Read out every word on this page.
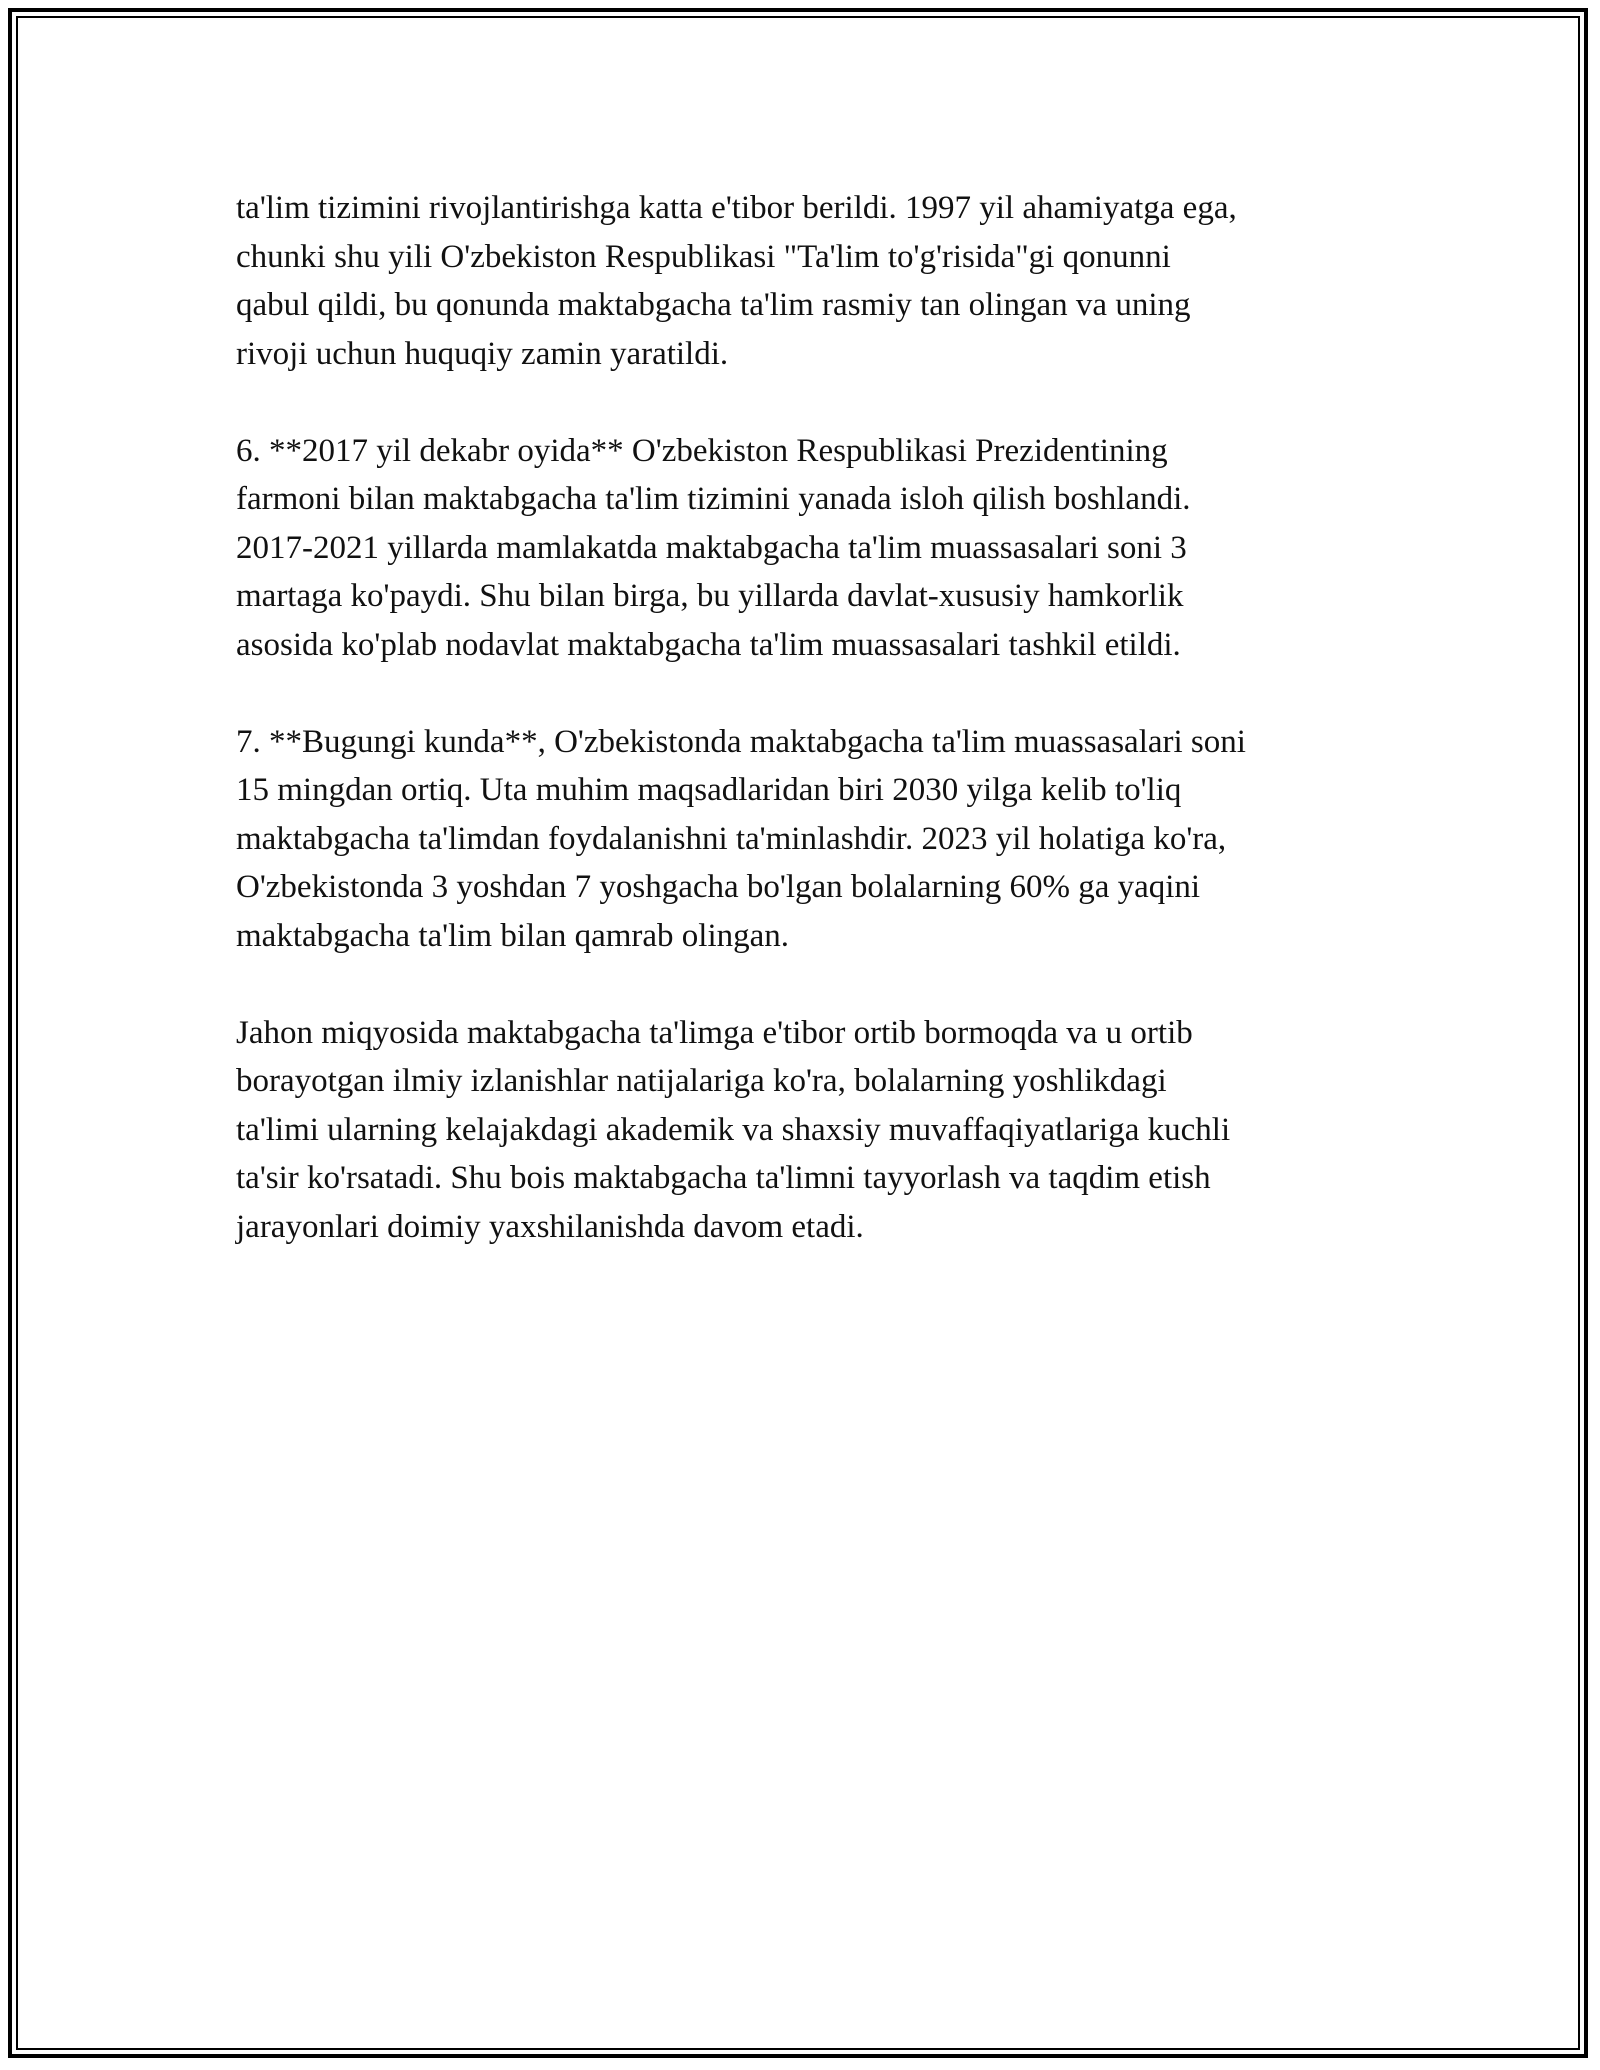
ta'lim tizimini rivojlantirishga katta e'tibor berildi. 1997 yil ahamiyatga ega,
chunki shu yili O'zbekiston Respublikasi "Ta'lim to'g'risida"gi qonunni
qabul qildi, bu qonunda maktabgacha ta'lim rasmiy tan olingan va uning
rivoji uchun huquqiy zamin yaratildi.

6. **2017 yil dekabr oyida** O'zbekiston Respublikasi Prezidentining
farmoni bilan maktabgacha ta'lim tizimini yanada isloh qilish boshlandi.
2017-2021 yillarda mamlakatda maktabgacha ta'lim muassasalari soni 3
martaga ko'paydi. Shu bilan birga, bu yillarda davlat-xususiy hamkorlik
asosida ko'plab nodavlat maktabgacha ta'lim muassasalari tashkil etildi.

7. **Bugungi kunda**, O'zbekistonda maktabgacha ta'lim muassasalari soni
15 mingdan ortiq. Uta muhim maqsadlaridan biri 2030 yilga kelib to'liq
maktabgacha ta'limdan foydalanishni ta'minlashdir. 2023 yil holatiga ko'ra,
O'zbekistonda 3 yoshdan 7 yoshgacha bo'lgan bolalarning 60% ga yaqini
maktabgacha ta'lim bilan qamrab olingan.

Jahon miqyosida maktabgacha ta'limga e'tibor ortib bormoqda va u ortib
borayotgan ilmiy izlanishlar natijalariga ko'ra, bolalarning yoshlikdagi
ta'limi ularning kelajakdagi akademik va shaxsiy muvaffaqiyatlariga kuchli
ta'sir ko'rsatadi. Shu bois maktabgacha ta'limni tayyorlash va taqdim etish
jarayonlari doimiy yaxshilanishda davom etadi.
